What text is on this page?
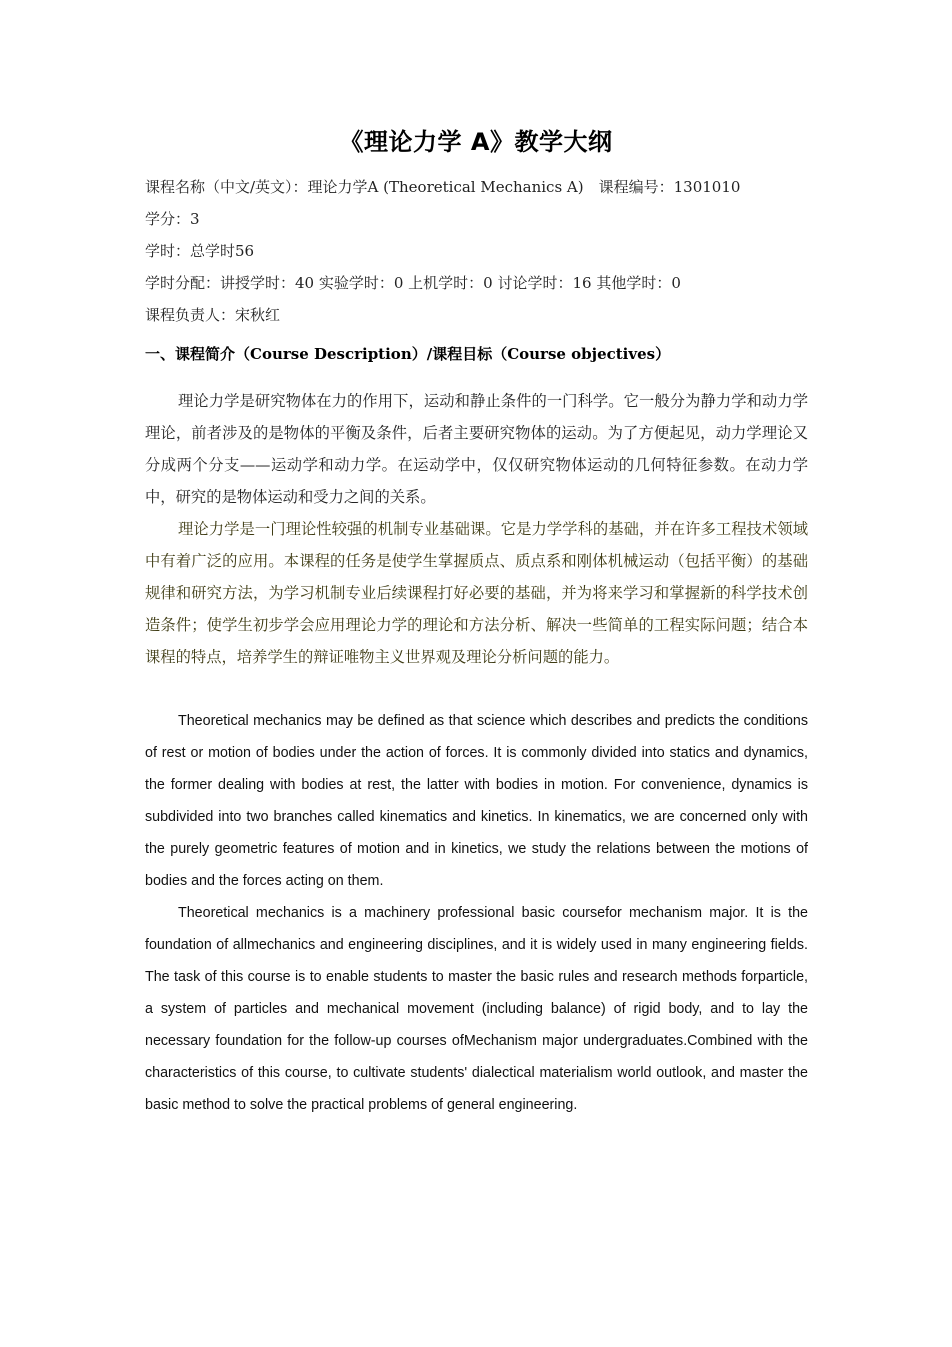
《理论力学 A》教学大纲
课程名称（中文/英文）：理论力学A (Theoretical Mechanics A)　课程编号：1301010
学分：3
学时：总学时56
学时分配：讲授学时：40 实验学时：0 上机学时：0 讨论学时：16 其他学时：0
课程负责人：宋秋红
一、课程简介（Course Description）/课程目标（Course objectives）

理论力学是研究物体在力的作用下，运动和静止条件的一门科学。它一般分为静力学和动力学理论，前者涉及的是物体的平衡及条件，后者主要研究物体的运动。为了方便起见，动力学理论又分成两个分支——运动学和动力学。在运动学中，仅仅研究物体运动的几何特征参数。在动力学中，研究的是物体运动和受力之间的关系。

理论力学是一门理论性较强的机制专业基础课。它是力学学科的基础，并在许多工程技术领域中有着广泛的应用。本课程的任务是使学生掌握质点、质点系和刚体机械运动（包括平衡）的基础规律和研究方法，为学习机制专业后续课程打好必要的基础，并为将来学习和掌握新的科学技术创造条件；使学生初步学会应用理论力学的理论和方法分析、解决一些简单的工程实际问题；结合本课程的特点，培养学生的辩证唯物主义世界观及理论分析问题的能力。

Theoretical mechanics may be defined as that science which describes and predicts the conditions of rest or motion of bodies under the action of forces. It is commonly divided into statics and dynamics, the former dealing with bodies at rest, the latter with bodies in motion. For convenience, dynamics is subdivided into two branches called kinematics and kinetics. In kinematics, we are concerned only with the purely geometric features of motion and in kinetics, we study the relations between the motions of bodies and the forces acting on them.

Theoretical mechanics is a machinery professional basic coursefor mechanism major. It is the foundation of allmechanics and engineering disciplines, and it is widely used in many engineering fields. The task of this course is to enable students to master the basic rules and research methods forparticle, a system of particles and mechanical movement (including balance) of rigid body, and to lay the necessary foundation for the follow-up courses ofMechanism major undergraduates.Combined with the characteristics of this course, to cultivate students' dialectical materialism world outlook, and master the basic method to solve the practical problems of general engineering.
